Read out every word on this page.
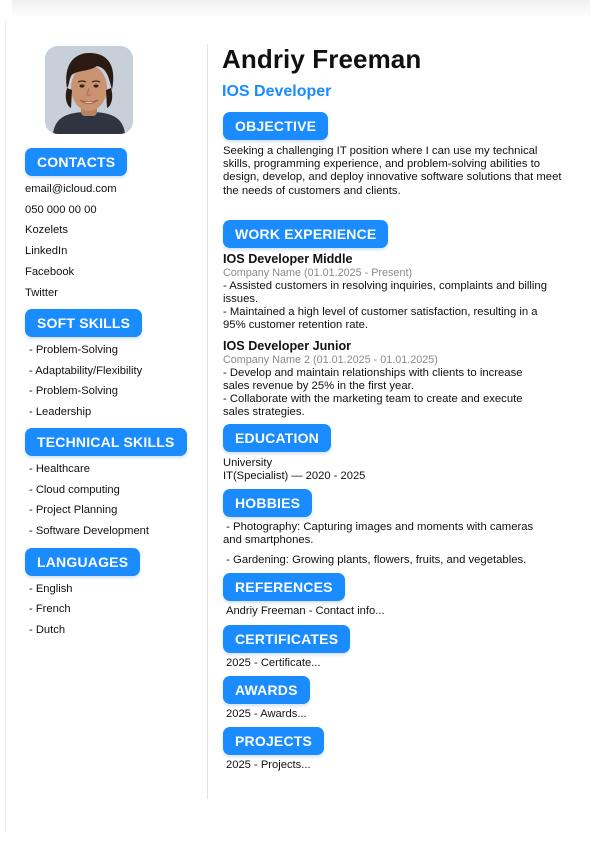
CONTACTS
email@icloud.com
050 000 00 00
Kozelets
LinkedIn
Facebook
Twitter
SOFT SKILLS
- Problem-Solving
- Adaptability/Flexibility
- Problem-Solving
- Leadership
TECHNICAL SKILLS
- Healthcare
- Cloud computing
- Project Planning
- Software Development
LANGUAGES
- English
- French
- Dutch
Andriy Freeman
IOS Developer
OBJECTIVE
Seeking a challenging IT position where I can use my technical skills, programming experience, and problem-solving abilities to design, develop, and deploy innovative software solutions that meet the needs of customers and clients.
WORK EXPERIENCE
IOS Developer Middle
Company Name (01.01.2025 - Present)
- Assisted customers in resolving inquiries, complaints and billing issues.
- Maintained a high level of customer satisfaction, resulting in a 95% customer retention rate.
IOS Developer Junior
Company Name 2 (01.01.2025 - 01.01.2025)
- Develop and maintain relationships with clients to increase sales revenue by 25% in the first year.
- Collaborate with the marketing team to create and execute sales strategies.
EDUCATION
University
IT(Specialist) — 2020 - 2025
HOBBIES
- Photography: Capturing images and moments with cameras and smartphones.
- Gardening: Growing plants, flowers, fruits, and vegetables.
REFERENCES
Andriy Freeman - Contact info...
CERTIFICATES
2025 - Certificate...
AWARDS
2025 - Awards...
PROJECTS
2025 - Projects...
